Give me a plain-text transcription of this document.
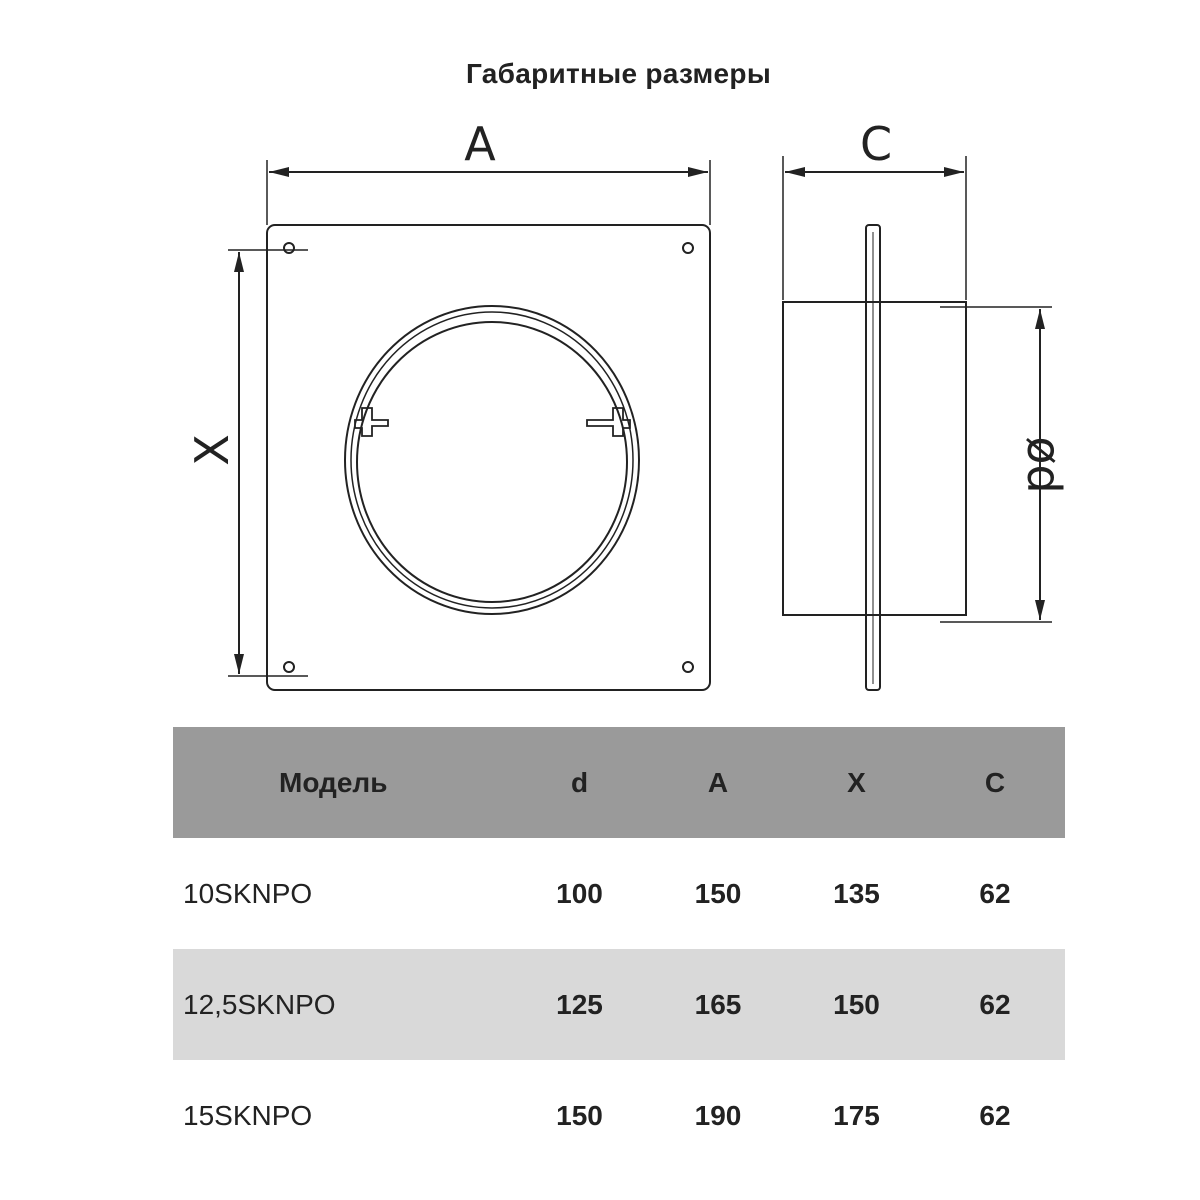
Габаритные размеры
A
X
C
ød
Модель	d	A	X	C
10SKNPO	100	150	135	62
12,5SKNPO	125	165	150	62
15SKNPO	150	190	175	62
